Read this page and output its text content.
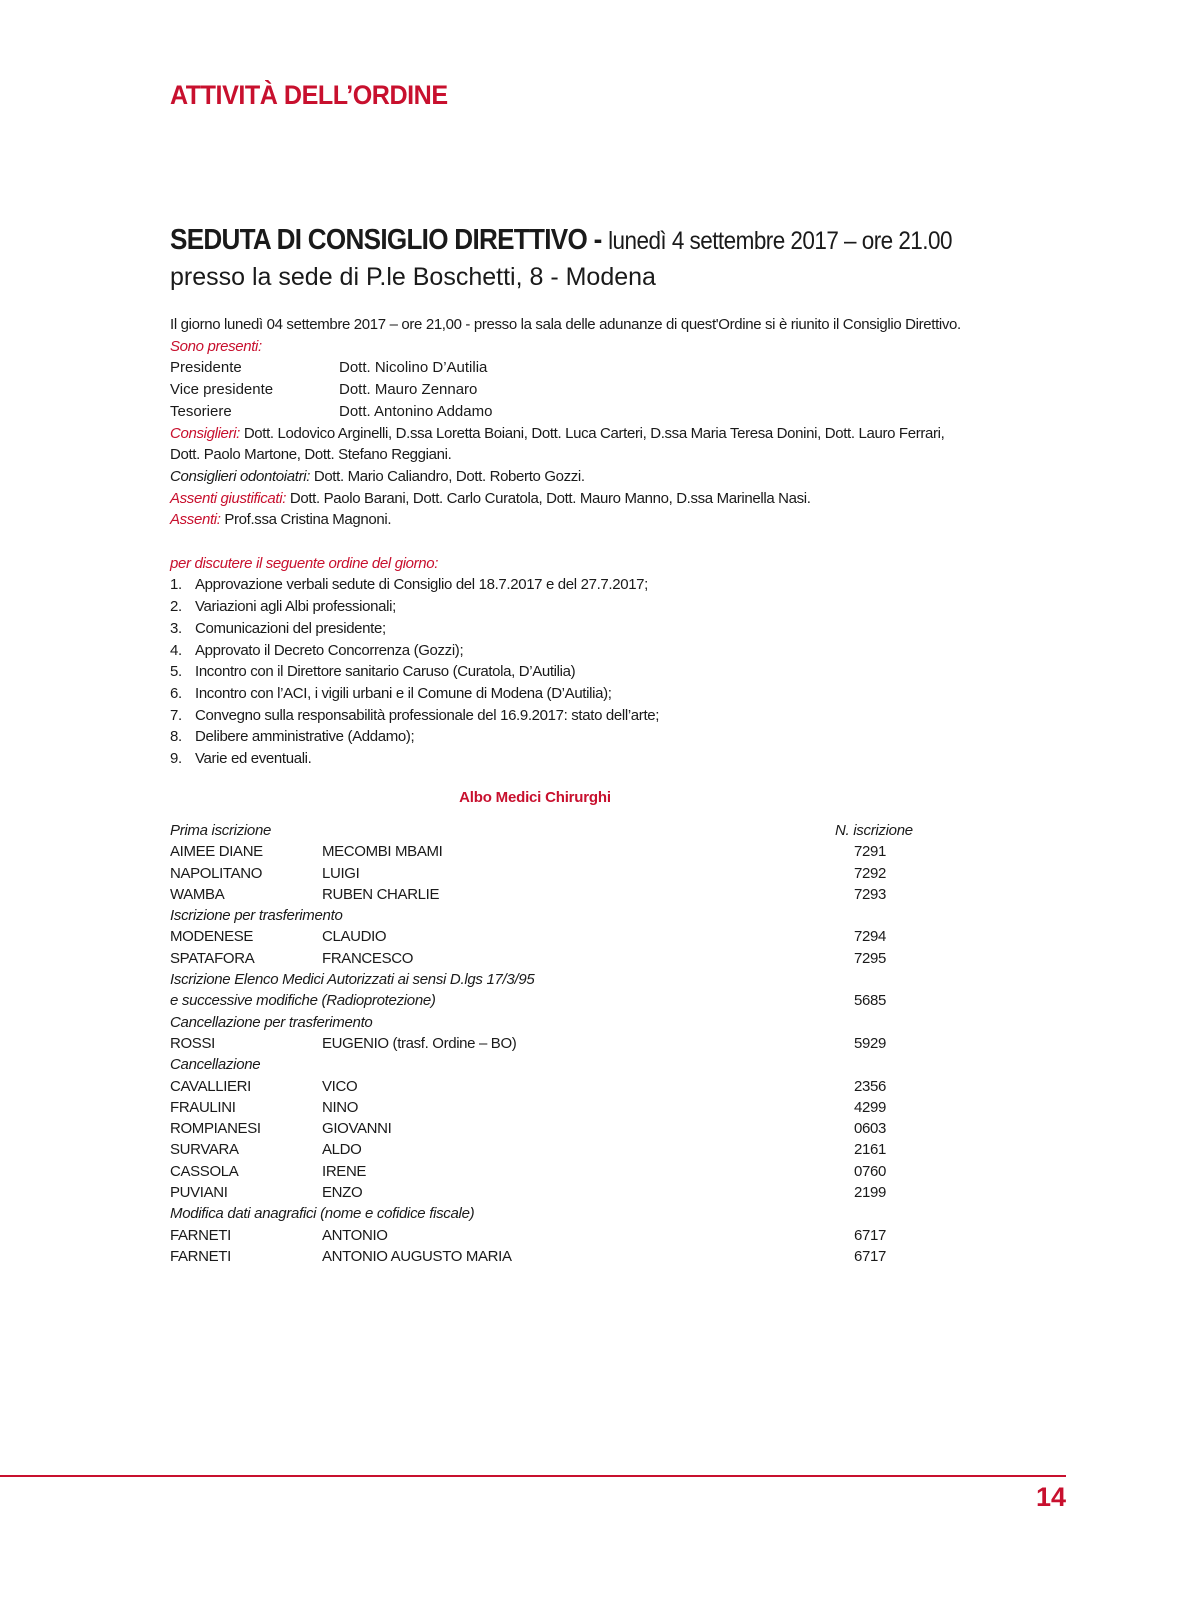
ATTIVITÀ DELL’ORDINE
SEDUTA DI CONSIGLIO DIRETTIVO - lunedì 4 settembre 2017 – ore 21.00
presso la sede di P.le Boschetti, 8 - Modena
Il giorno lunedì 04 settembre 2017 – ore 21,00 - presso la sala delle adunanze di quest'Ordine si è riunito il Consiglio Direttivo.
Sono presenti:
Presidente	Dott. Nicolino D’Autilia
Vice presidente	Dott. Mauro Zennaro
Tesoriere	Dott. Antonino Addamo
Consiglieri: Dott. Lodovico Arginelli, D.ssa Loretta Boiani, Dott. Luca Carteri, D.ssa Maria Teresa Donini, Dott. Lauro Ferrari,
Dott. Paolo Martone, Dott. Stefano Reggiani.
Consiglieri odontoiatri: Dott. Mario Caliandro, Dott. Roberto Gozzi.
Assenti giustificati: Dott. Paolo Barani, Dott. Carlo Curatola, Dott. Mauro Manno, D.ssa Marinella Nasi.
Assenti: Prof.ssa Cristina Magnoni.
per discutere il seguente ordine del giorno:
1. Approvazione verbali sedute di Consiglio del 18.7.2017 e del 27.7.2017;
2. Variazioni agli Albi professionali;
3. Comunicazioni del presidente;
4. Approvato il Decreto Concorrenza (Gozzi);
5. Incontro con il Direttore sanitario Caruso (Curatola, D’Autilia)
6. Incontro con l’ACI, i vigili urbani e il Comune di Modena (D’Autilia);
7. Convegno sulla responsabilità professionale del 16.9.2017: stato dell’arte;
8. Delibere amministrative (Addamo);
9. Varie ed eventuali.
Albo Medici Chirurghi
Prima iscrizione	N. iscrizione
AIMEE DIANE	MECOMBI MBAMI	7291
NAPOLITANO	LUIGI	7292
WAMBA	RUBEN CHARLIE	7293
Iscrizione per trasferimento
MODENESE	CLAUDIO	7294
SPATAFORA	FRANCESCO	7295
Iscrizione Elenco Medici Autorizzati ai sensi D.lgs 17/3/95
e successive modifiche (Radioprotezione)	5685
Cancellazione per trasferimento
ROSSI	EUGENIO (trasf. Ordine – BO)	5929
Cancellazione
CAVALLIERI	VICO	2356
FRAULINI	NINO	4299
ROMPIANESI	GIOVANNI	0603
SURVARA	ALDO	2161
CASSOLA	IRENE	0760
PUVIANI	ENZO	2199
Modifica dati anagrafici (nome e cofidice fiscale)
FARNETI	ANTONIO	6717
FARNETI	ANTONIO AUGUSTO MARIA	6717
14
